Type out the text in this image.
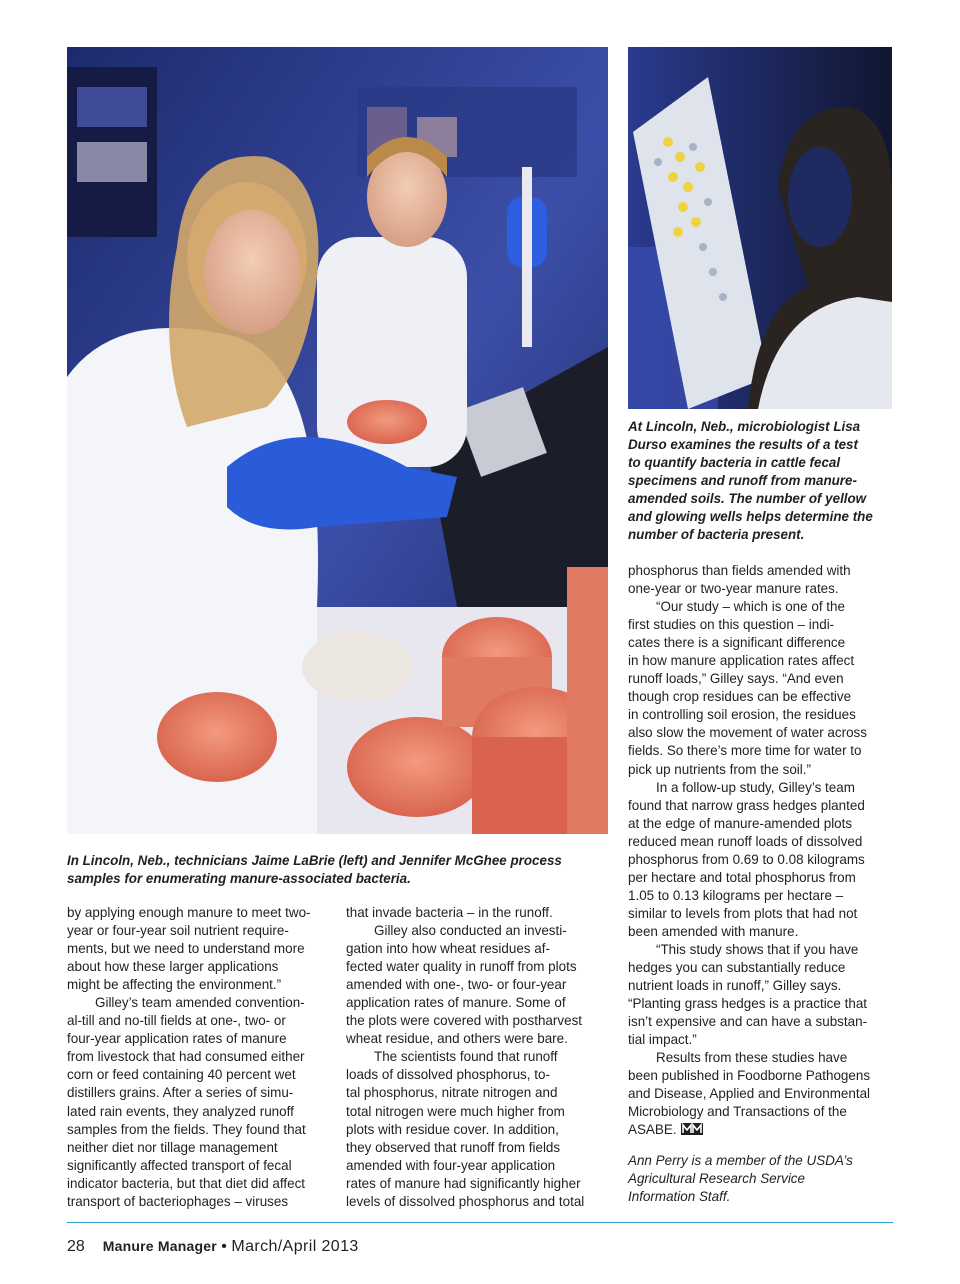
In Lincoln, Neb., technicians Jaime LaBrie (left) and Jennifer McGhee process samples for enumerating manure-associated bacteria.
At Lincoln, Neb., microbiologist Lisa
Durso examines the results of a test
to quantify bacteria in cattle fecal
specimens and runoff from manure-
amended soils. The number of yellow
and glowing wells helps determine the
number of bacteria present.

by applying enough manure to meet two-
year or four-year soil nutrient require-
ments, but we need to understand more
about how these larger applications
might be affecting the environment.”

Gilley’s team amended convention-
al-till and no-till fields at one-, two- or
four-year application rates of manure
from livestock that had consumed either
corn or feed containing 40 percent wet
distillers grains. After a series of simu-
lated rain events, they analyzed runoff
samples from the fields. They found that
neither diet nor tillage management
significantly affected transport of fecal
indicator bacteria, but that diet did affect
transport of bacteriophages – viruses

that invade bacteria – in the runoff.

Gilley also conducted an investi-
gation into how wheat residues af-
fected water quality in runoff from plots
amended with one-, two- or four-year
application rates of manure. Some of
the plots were covered with postharvest
wheat residue, and others were bare.

The scientists found that runoff
loads of dissolved phosphorus, to-
tal phosphorus, nitrate nitrogen and
total nitrogen were much higher from
plots with residue cover. In addition,
they observed that runoff from fields
amended with four-year application
rates of manure had significantly higher
levels of dissolved phosphorus and total

phosphorus than fields amended with
one-year or two-year manure rates.

“Our study – which is one of the
first studies on this question – indi-
cates there is a significant difference
in how manure application rates affect
runoff loads,” Gilley says. “And even
though crop residues can be effective
in controlling soil erosion, the residues
also slow the movement of water across
fields. So there’s more time for water to
pick up nutrients from the soil.”

In a follow-up study, Gilley’s team
found that narrow grass hedges planted
at the edge of manure-amended plots
reduced mean runoff loads of dissolved
phosphorus from 0.69 to 0.08 kilograms
per hectare and total phosphorus from
1.05 to 0.13 kilograms per hectare –
similar to levels from plots that had not
been amended with manure.

“This study shows that if you have
hedges you can substantially reduce
nutrient loads in runoff,” Gilley says.
“Planting grass hedges is a practice that
isn’t expensive and can have a substan-
tial impact.”

Results from these studies have
been published in Foodborne Pathogens
and Disease, Applied and Environmental
Microbiology and Transactions of the
ASABE.

Ann Perry is a member of the USDA’s
Agricultural Research Service
Information Staff.

28 Manure Manager • March/April 2013
